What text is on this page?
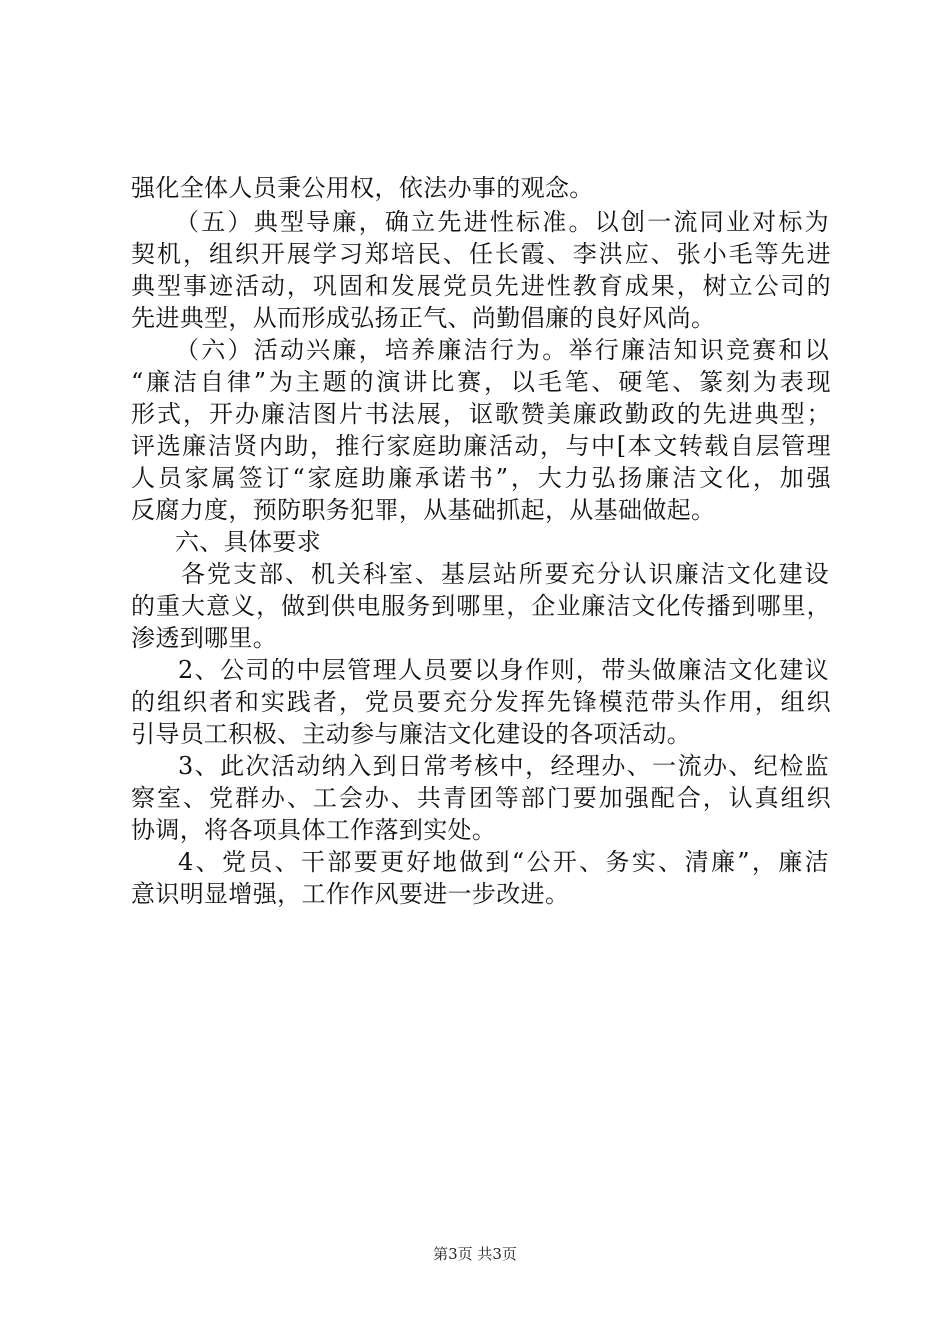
强化全体人员秉公用权，依法办事的观念。
（五）典型导廉，确立先进性标准。以创一流同业对标为
契机，组织开展学习郑培民、任长霞、李洪应、张小毛等先进
典型事迹活动，巩固和发展党员先进性教育成果，树立公司的
先进典型，从而形成弘扬正气、尚勤倡廉的良好风尚。
（六）活动兴廉，培养廉洁行为。举行廉洁知识竞赛和以
“廉洁自律”为主题的演讲比赛，以毛笔、硬笔、篆刻为表现
形式，开办廉洁图片书法展，讴歌赞美廉政勤政的先进典型；
评选廉洁贤内助，推行家庭助廉活动，与中[本文转载自层管理
人员家属签订“家庭助廉承诺书”，大力弘扬廉洁文化，加强
反腐力度，预防职务犯罪，从基础抓起，从基础做起。
六、具体要求
各党支部、机关科室、基层站所要充分认识廉洁文化建设
的重大意义，做到供电服务到哪里，企业廉洁文化传播到哪里，
渗透到哪里。
2、公司的中层管理人员要以身作则，带头做廉洁文化建议
的组织者和实践者，党员要充分发挥先锋模范带头作用，组织
引导员工积极、主动参与廉洁文化建设的各项活动。
3、此次活动纳入到日常考核中，经理办、一流办、纪检监
察室、党群办、工会办、共青团等部门要加强配合，认真组织
协调，将各项具体工作落到实处。
4、党员、干部要更好地做到“公开、务实、清廉”，廉洁
意识明显增强，工作作风要进一步改进。
第3页 共3页
